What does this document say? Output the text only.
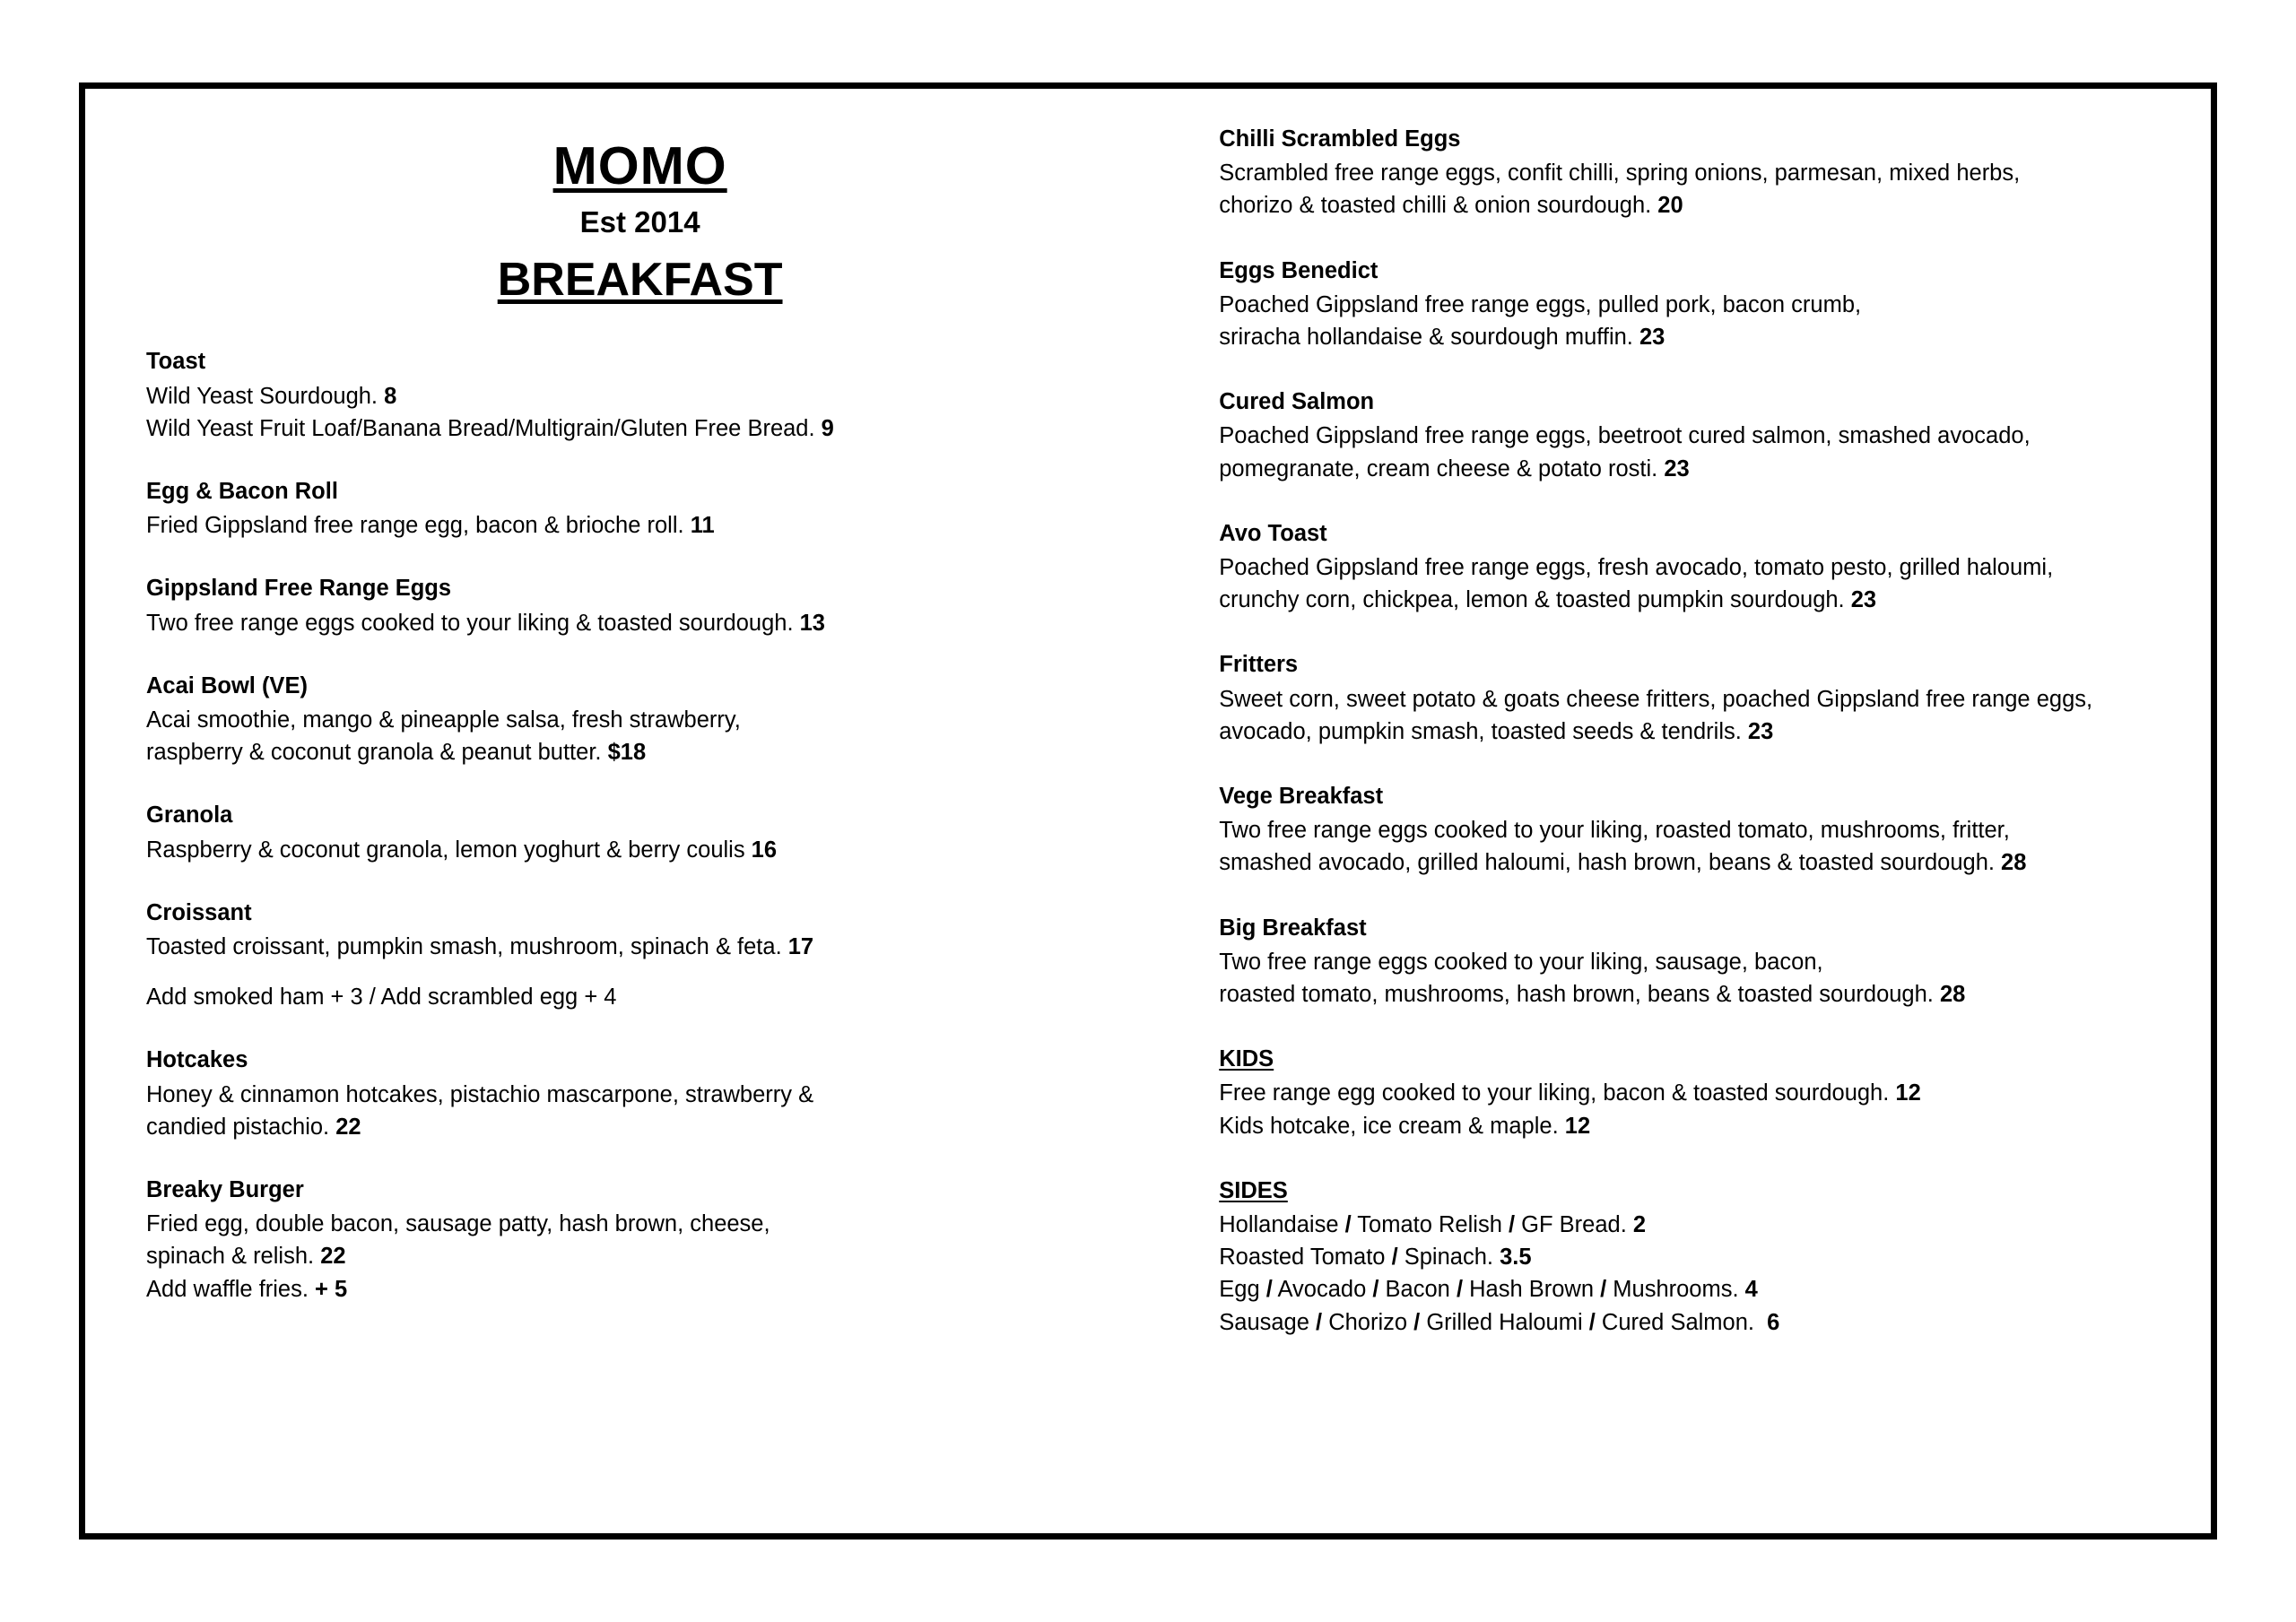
MOMO
Est 2014
BREAKFAST
Toast
Wild Yeast Sourdough. 8
Wild Yeast Fruit Loaf/Banana Bread/Multigrain/Gluten Free Bread. 9
Egg & Bacon Roll
Fried Gippsland free range egg, bacon & brioche roll. 11
Gippsland Free Range Eggs
Two free range eggs cooked to your liking & toasted sourdough. 13
Acai Bowl (VE)
Acai smoothie, mango & pineapple salsa, fresh strawberry,
raspberry & coconut granola & peanut butter. $18
Granola
Raspberry & coconut granola, lemon yoghurt & berry coulis 16
Croissant
Toasted croissant, pumpkin smash, mushroom, spinach & feta. 17
Add smoked ham + 3 / Add scrambled egg + 4
Hotcakes
Honey & cinnamon hotcakes, pistachio mascarpone, strawberry &
candied pistachio. 22
Breaky Burger
Fried egg, double bacon, sausage patty, hash brown, cheese,
spinach & relish. 22
Add waffle fries. + 5
Chilli Scrambled Eggs
Scrambled free range eggs, confit chilli, spring onions, parmesan, mixed herbs,
chorizo & toasted chilli & onion sourdough. 20
Eggs Benedict
Poached Gippsland free range eggs, pulled pork, bacon crumb,
sriracha hollandaise & sourdough muffin. 23
Cured Salmon
Poached Gippsland free range eggs, beetroot cured salmon, smashed avocado,
pomegranate, cream cheese & potato rosti. 23
Avo Toast
Poached Gippsland free range eggs, fresh avocado, tomato pesto, grilled haloumi,
crunchy corn, chickpea, lemon & toasted pumpkin sourdough. 23
Fritters
Sweet corn, sweet potato & goats cheese fritters, poached Gippsland free range eggs,
avocado, pumpkin smash, toasted seeds & tendrils. 23
Vege Breakfast
Two free range eggs cooked to your liking, roasted tomato, mushrooms, fritter,
smashed avocado, grilled haloumi, hash brown, beans & toasted sourdough. 28
Big Breakfast
Two free range eggs cooked to your liking, sausage, bacon,
roasted tomato, mushrooms, hash brown, beans & toasted sourdough. 28
KIDS
Free range egg cooked to your liking, bacon & toasted sourdough. 12
Kids hotcake, ice cream & maple. 12
SIDES
Hollandaise / Tomato Relish / GF Bread. 2
Roasted Tomato / Spinach. 3.5
Egg / Avocado / Bacon / Hash Brown / Mushrooms. 4
Sausage / Chorizo / Grilled Haloumi / Cured Salmon.  6
